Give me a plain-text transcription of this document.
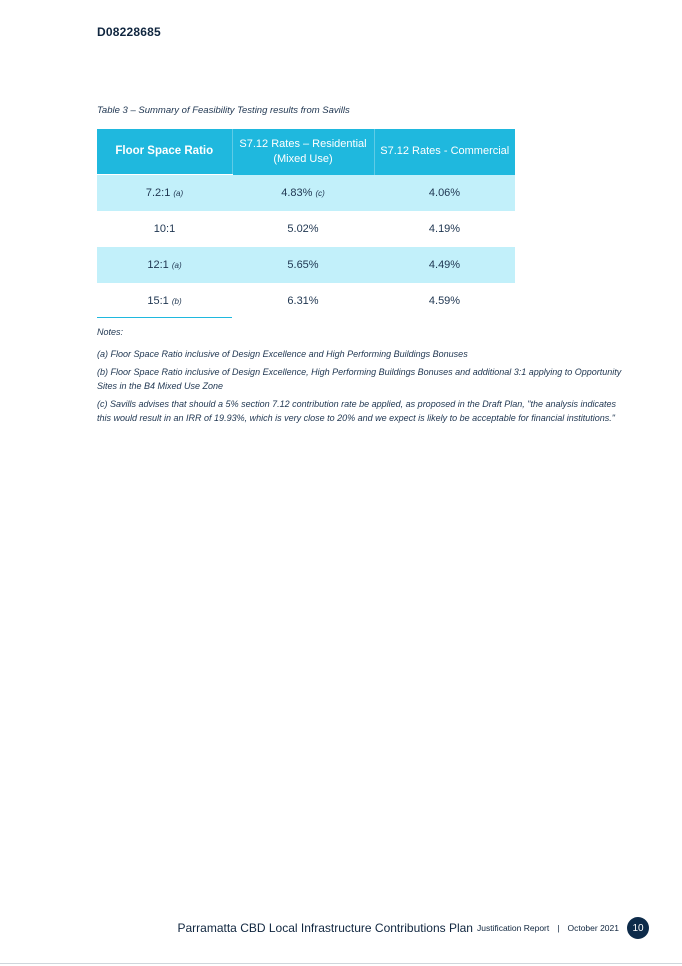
D08228685
Table 3 – Summary of Feasibility Testing results from Savills
Floor Space Ratio	S7.12 Rates – Residential (Mixed Use)	S7.12 Rates - Commercial
7.2:1 (a)	4.83% (c)	4.06%
10:1	5.02%	4.19%
12:1 (a)	5.65%	4.49%
15:1 (b)	6.31%	4.59%

Notes:

(a) Floor Space Ratio inclusive of Design Excellence and High Performing Buildings Bonuses

(b) Floor Space Ratio inclusive of Design Excellence, High Performing Buildings Bonuses and additional 3:1 applying to Opportunity Sites in the B4 Mixed Use Zone

(c) Savills advises that should a 5% section 7.12 contribution rate be applied, as proposed in the Draft Plan, "the analysis indicates this would result in an IRR of 19.93%, which is very close to 20% and we expect is likely to be acceptable for financial institutions."

Parramatta CBD Local Infrastructure Contributions Plan Justification Report | October 2021	10
